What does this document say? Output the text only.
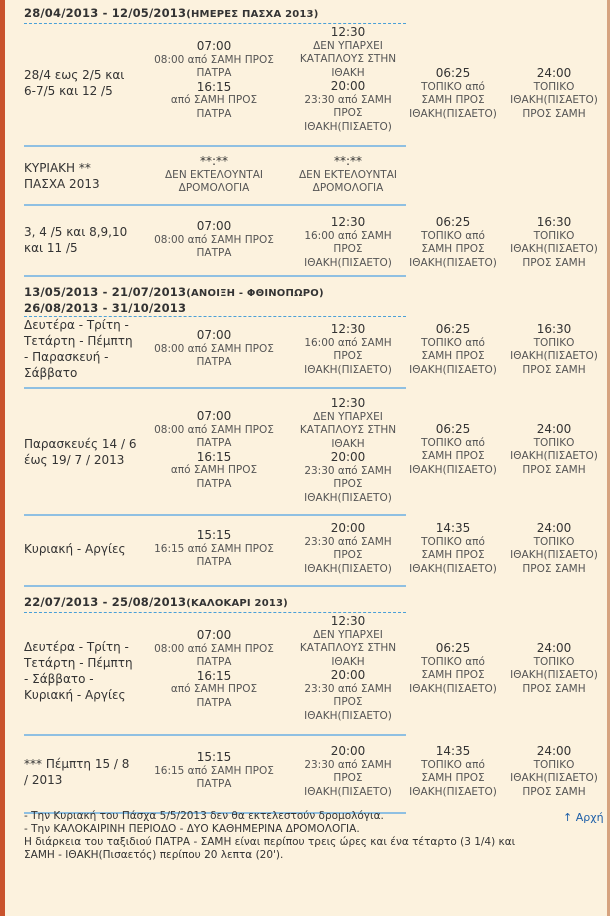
28/04/2013 - 12/05/2013(ΗΜΕΡΕΣ ΠΑΣΧΑ 2013)
28/4 εως 2/5 και
6-7/5 και 12 /5
07:00
08:00 από ΣΑΜΗ ΠΡΟΣ
ΠΑΤΡΑ
16:15
από ΣΑΜΗ ΠΡΟΣ
ΠΑΤΡΑ
12:30
ΔΕΝ ΥΠΑΡΧΕΙ
ΚΑΤΑΠΛΟΥΣ ΣΤΗΝ
ΙΘΑΚΗ
20:00
23:30 από ΣΑΜΗ
ΠΡΟΣ
ΙΘΑΚΗ(ΠΙΣΑΕΤΟ)
06:25
ΤΟΠΙΚΟ από
ΣΑΜΗ ΠΡΟΣ
ΙΘΑΚΗ(ΠΙΣΑΕΤΟ)
24:00
ΤΟΠΙΚΟ
ΙΘΑΚΗ(ΠΙΣΑΕΤΟ)
ΠΡΟΣ ΣΑΜΗ
ΚΥΡΙΑΚΗ **
ΠΑΣΧΑ 2013
**:**
ΔΕΝ ΕΚΤΕΛΟΥΝΤΑΙ
ΔΡΟΜΟΛΟΓΙΑ
**:**
ΔΕΝ ΕΚΤΕΛΟΥΝΤΑΙ
ΔΡΟΜΟΛΟΓΙΑ
3, 4 /5 και 8,9,10
και 11 /5
07:00
08:00 από ΣΑΜΗ ΠΡΟΣ
ΠΑΤΡΑ
12:30
16:00 από ΣΑΜΗ
ΠΡΟΣ
ΙΘΑΚΗ(ΠΙΣΑΕΤΟ)
06:25
ΤΟΠΙΚΟ από
ΣΑΜΗ ΠΡΟΣ
ΙΘΑΚΗ(ΠΙΣΑΕΤΟ)
16:30
ΤΟΠΙΚΟ
ΙΘΑΚΗ(ΠΙΣΑΕΤΟ)
ΠΡΟΣ ΣΑΜΗ
13/05/2013 - 21/07/2013(ΑΝΟΙΞΗ - ΦΘΙΝΟΠΩΡΟ)
26/08/2013 - 31/10/2013
Δευτέρα - Τρίτη -
Τετάρτη - Πέμπτη
- Παρασκευή -
Σάββατο
07:00
08:00 από ΣΑΜΗ ΠΡΟΣ
ΠΑΤΡΑ
12:30
16:00 από ΣΑΜΗ
ΠΡΟΣ
ΙΘΑΚΗ(ΠΙΣΑΕΤΟ)
06:25
ΤΟΠΙΚΟ από
ΣΑΜΗ ΠΡΟΣ
ΙΘΑΚΗ(ΠΙΣΑΕΤΟ)
16:30
ΤΟΠΙΚΟ
ΙΘΑΚΗ(ΠΙΣΑΕΤΟ)
ΠΡΟΣ ΣΑΜΗ
Παρασκευές 14 / 6
έως 19/ 7 / 2013
07:00
08:00 από ΣΑΜΗ ΠΡΟΣ
ΠΑΤΡΑ
16:15
από ΣΑΜΗ ΠΡΟΣ
ΠΑΤΡΑ
12:30
ΔΕΝ ΥΠΑΡΧΕΙ
ΚΑΤΑΠΛΟΥΣ ΣΤΗΝ
ΙΘΑΚΗ
20:00
23:30 από ΣΑΜΗ
ΠΡΟΣ
ΙΘΑΚΗ(ΠΙΣΑΕΤΟ)
06:25
ΤΟΠΙΚΟ από
ΣΑΜΗ ΠΡΟΣ
ΙΘΑΚΗ(ΠΙΣΑΕΤΟ)
24:00
ΤΟΠΙΚΟ
ΙΘΑΚΗ(ΠΙΣΑΕΤΟ)
ΠΡΟΣ ΣΑΜΗ
Κυριακή - Αργίες
15:15
16:15 από ΣΑΜΗ ΠΡΟΣ
ΠΑΤΡΑ
20:00
23:30 από ΣΑΜΗ
ΠΡΟΣ
ΙΘΑΚΗ(ΠΙΣΑΕΤΟ)
14:35
ΤΟΠΙΚΟ από
ΣΑΜΗ ΠΡΟΣ
ΙΘΑΚΗ(ΠΙΣΑΕΤΟ)
24:00
ΤΟΠΙΚΟ
ΙΘΑΚΗ(ΠΙΣΑΕΤΟ)
ΠΡΟΣ ΣΑΜΗ
22/07/2013 - 25/08/2013(ΚΑΛΟΚΑΡΙ 2013)
Δευτέρα - Τρίτη -
Τετάρτη - Πέμπτη
- Σάββατο -
Κυριακή - Αργίες
07:00
08:00 από ΣΑΜΗ ΠΡΟΣ
ΠΑΤΡΑ
16:15
από ΣΑΜΗ ΠΡΟΣ
ΠΑΤΡΑ
12:30
ΔΕΝ ΥΠΑΡΧΕΙ
ΚΑΤΑΠΛΟΥΣ ΣΤΗΝ
ΙΘΑΚΗ
20:00
23:30 από ΣΑΜΗ
ΠΡΟΣ
ΙΘΑΚΗ(ΠΙΣΑΕΤΟ)
06:25
ΤΟΠΙΚΟ από
ΣΑΜΗ ΠΡΟΣ
ΙΘΑΚΗ(ΠΙΣΑΕΤΟ)
24:00
ΤΟΠΙΚΟ
ΙΘΑΚΗ(ΠΙΣΑΕΤΟ)
ΠΡΟΣ ΣΑΜΗ
*** Πέμπτη 15 / 8
/ 2013
15:15
16:15 από ΣΑΜΗ ΠΡΟΣ
ΠΑΤΡΑ
20:00
23:30 από ΣΑΜΗ
ΠΡΟΣ
ΙΘΑΚΗ(ΠΙΣΑΕΤΟ)
14:35
ΤΟΠΙΚΟ από
ΣΑΜΗ ΠΡΟΣ
ΙΘΑΚΗ(ΠΙΣΑΕΤΟ)
24:00
ΤΟΠΙΚΟ
ΙΘΑΚΗ(ΠΙΣΑΕΤΟ)
ΠΡΟΣ ΣΑΜΗ
- Την Κυριακή του Πάσχα 5/5/2013 δεν θα εκτελεστούν δρομολόγια.
- Την ΚΑΛΟΚΑΙΡΙΝΗ ΠΕΡΙΟΔΟ - ΔΥΟ ΚΑΘΗΜΕΡΙΝΑ ΔΡΟΜΟΛΟΓΙΑ.
Η διάρκεια του ταξιδιού ΠΑΤΡΑ - ΣΑΜΗ είναι περίπου τρεις ώρες και ένα τέταρτο (3 1/4) και
ΣΑΜΗ - ΙΘΑΚΗ(Πισαετός) περίπου 20 λεπτα (20').
↑ Αρχή
